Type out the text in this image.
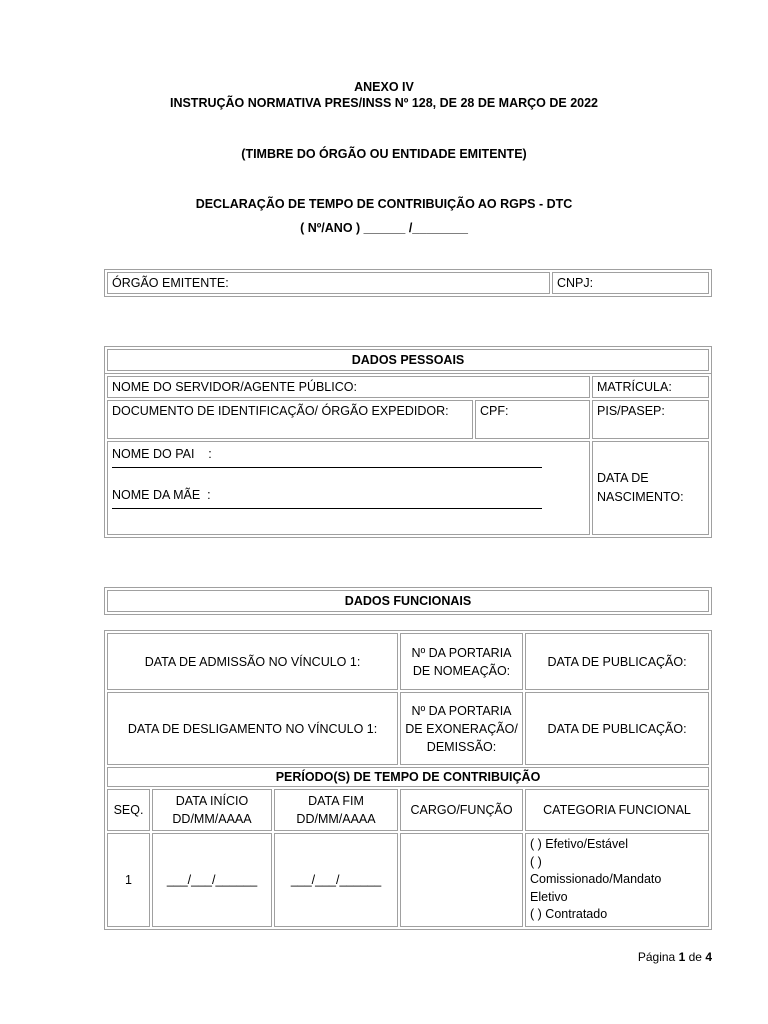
ANEXO IV
INSTRUÇÃO NORMATIVA PRES/INSS Nº 128, DE 28 DE MARÇO DE 2022
(TIMBRE DO ÓRGÃO OU ENTIDADE EMITENTE)
DECLARAÇÃO DE TEMPO DE CONTRIBUIÇÃO AO RGPS - DTC
( Nº/ANO ) ______ /________
ÓRGÃO EMITENTE:	CNPJ:
DADOS PESSOAIS
NOME DO SERVIDOR/AGENTE PÚBLICO:		MATRÍCULA:
DOCUMENTO DE IDENTIFICAÇÃO/ ÓRGÃO EXPEDIDOR:	CPF:	PIS/PASEP:

NOME DO PAI    :
NOME DA MÃE  :		DATA DE NASCIMENTO:
DADOS FUNCIONAIS
DATA DE ADMISSÃO NO VÍNCULO 1:			Nº DA PORTARIA DE NOMEAÇÃO:	DATA DE PUBLICAÇÃO:
DATA DE DESLIGAMENTO NO VÍNCULO 1:			Nº DA PORTARIA DE EXONERAÇÃO/ DEMISSÃO:	DATA DE PUBLICAÇÃO:
PERÍODO(S) DE TEMPO DE CONTRIBUIÇÃO				
SEQ.	DATA INÍCIO DD/MM/AAAA	DATA FIM DD/MM/AAAA	CARGO/FUNÇÃO	CATEGORIA FUNCIONAL
1	___/___/______	___/___/______		( ) Efetivo/Estável
( )
Comissionado/Mandato
Eletivo
( ) Contratado
Página 1 de 4
